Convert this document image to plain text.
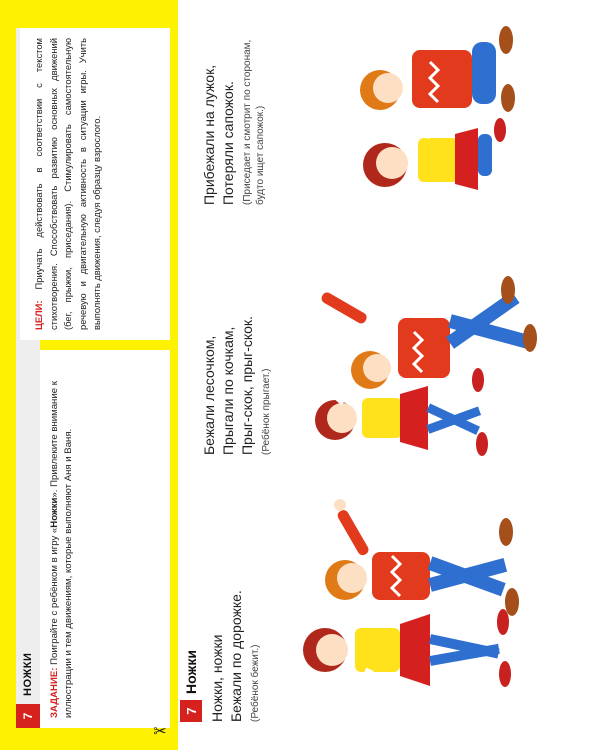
7
НОЖКИ	ЗАДАНИЕ: Поиграйте с ребёнком в игру «Ножки». Привлеките внимание к иллюстрации и тем движениям, которые выполняют Аня и Ваня.
ЦЕЛИ: Приучать действовать в соответствии с текстом стихотворения. Способствовать развитию основных движений (бег, прыжки, приседания). Стимулировать самостоятельную речевую и двигательную активность в ситуации игры. Учить выполнять движения, следуя образцу взрослого.
✂
7
Ножки Ножки, ножки Бежали по дорожке. (Ребёнок бежит.)
Бежали лесочком, Прыгали по кочкам, Прыг-скок, прыг-скок. (Ребёнок прыгает.)
Прибежали на лужок, Потеряли сапожок. (Приседает и смотрит по сторонам, будто ищет сапожок.)
